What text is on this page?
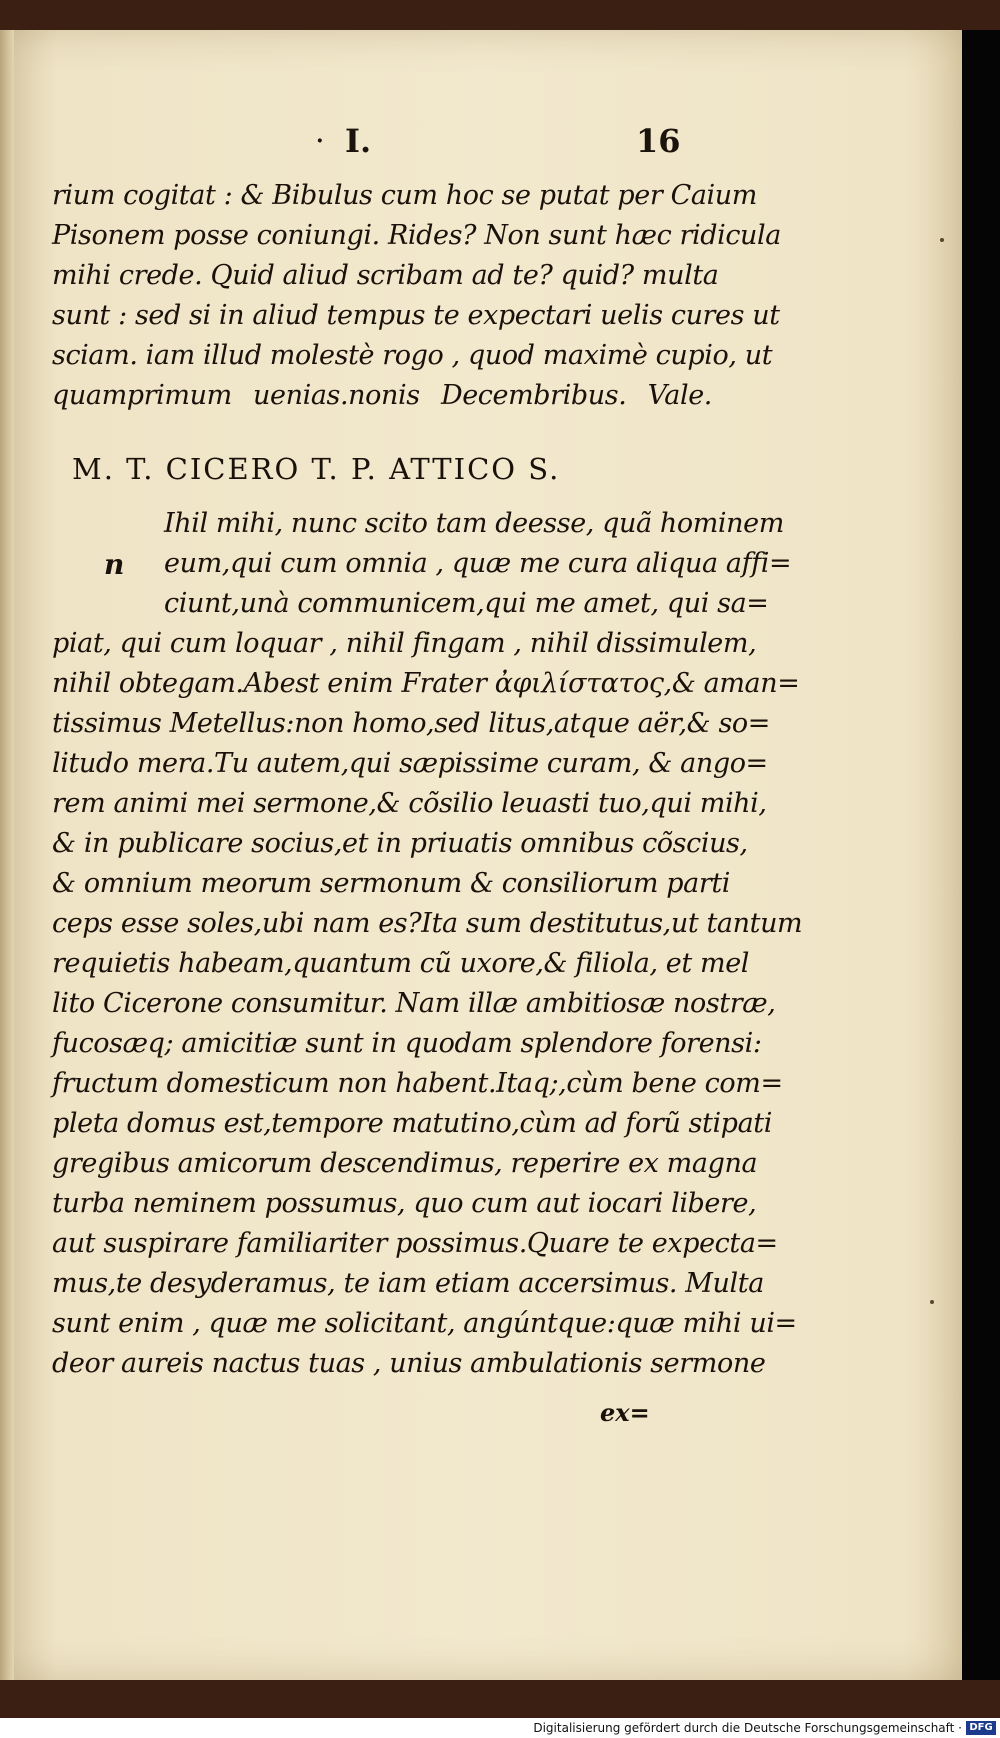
· I.	16
rium cogitat : & Bibulus cum hoc se putat per Caium
Pisonem posse coniungi. Rides? Non sunt hæc ridicula
mihi crede. Quid aliud scribam ad te? quid? multa
sunt : sed si in aliud tempus te expectari uelis cures ut
sciam. iam illud molestè rogo , quod maximè cupio, ut
quamprimum uenias.nonis Decembribus. Vale.
M. T. CICERO T. P. ATTICO S.
n
Ihil mihi, nunc scito tam deesse, quã hominem
eum,qui cum omnia , quæ me cura aliqua affi=
ciunt,unà communicem,qui me amet, qui sa=
piat, qui cum loquar , nihil fingam , nihil dissimulem,
nihil obtegam.Abest enim Frater ἀφιλίστατος,& aman=
tissimus Metellus:non homo,sed litus,atque aër,& so=
litudo mera.Tu autem,qui sæpissime curam, & ango=
rem animi mei sermone,& cõsilio leuasti tuo,qui mihi,
& in publicare socius,et in priuatis omnibus cõscius,
& omnium meorum sermonum & consiliorum parti
ceps esse soles,ubi nam es?Ita sum destitutus,ut tantum
requietis habeam,quantum cũ uxore,& filiola, et mel
lito Cicerone consumitur. Nam illæ ambitiosæ nostræ,
fucosæq; amicitiæ sunt in quodam splendore forensi:
fructum domesticum non habent.Itaq;,cùm bene com=
pleta domus est,tempore matutino,cùm ad forũ stipati
gregibus amicorum descendimus, reperire ex magna
turba neminem possumus, quo cum aut iocari libere,
aut suspirare familiariter possimus.Quare te expecta=
mus,te desyderamus, te iam etiam accersimus. Multa
sunt enim , quæ me solicitant, angúntque:quæ mihi ui=
deor aureis nactus tuas , unius ambulationis sermone
ex=
Digitalisierung gefördert durch die Deutsche Forschungsgemeinschaft · DFG
